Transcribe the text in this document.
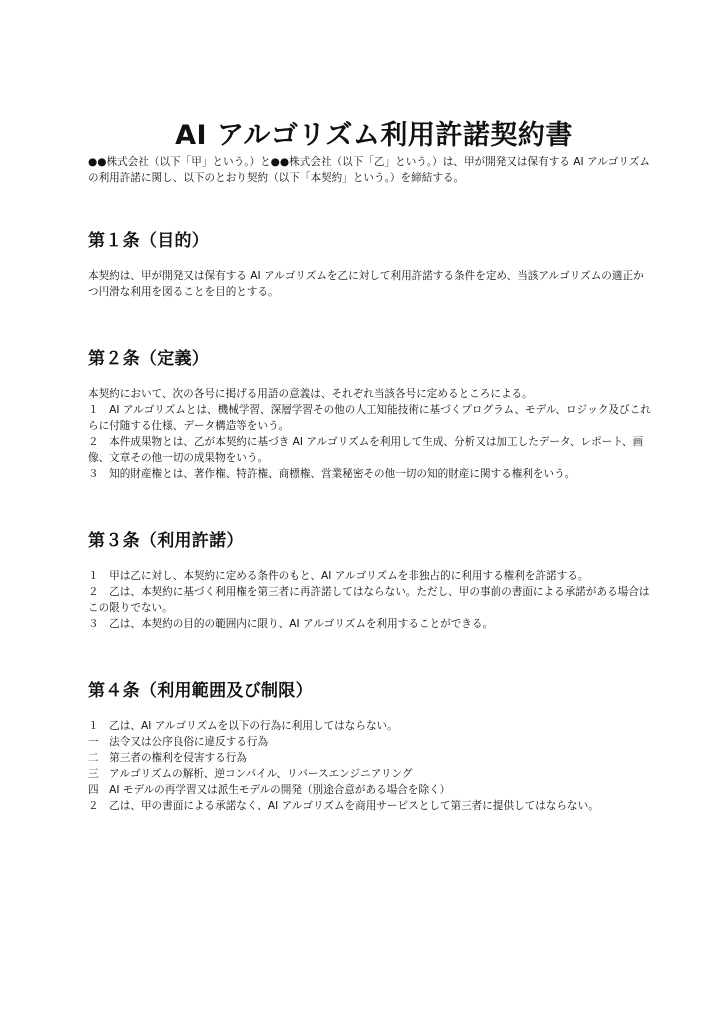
AI アルゴリズム利用許諾契約書

●●株式会社（以下「甲」という。）と●●株式会社（以下「乙」という。）は、甲が開発又は保有する AI アルゴリズムの利用許諾に関し、以下のとおり契約（以下「本契約」という。）を締結する。

第１条（目的）

本契約は、甲が開発又は保有する AI アルゴリズムを乙に対して利用許諾する条件を定め、当該アルゴリズムの適正かつ円滑な利用を図ることを目的とする。

第２条（定義）

本契約において、次の各号に掲げる用語の意義は、それぞれ当該各号に定めるところによる。

１　AI アルゴリズムとは、機械学習、深層学習その他の人工知能技術に基づくプログラム、モデル、ロジック及びこれらに付随する仕様、データ構造等をいう。

２　本件成果物とは、乙が本契約に基づき AI アルゴリズムを利用して生成、分析又は加工したデータ、レポート、画像、文章その他一切の成果物をいう。

３　知的財産権とは、著作権、特許権、商標権、営業秘密その他一切の知的財産に関する権利をいう。

第３条（利用許諾）

１　甲は乙に対し、本契約に定める条件のもと、AI アルゴリズムを非独占的に利用する権利を許諾する。

２　乙は、本契約に基づく利用権を第三者に再許諾してはならない。ただし、甲の事前の書面による承諾がある場合はこの限りでない。

３　乙は、本契約の目的の範囲内に限り、AI アルゴリズムを利用することができる。

第４条（利用範囲及び制限）

１　乙は、AI アルゴリズムを以下の行為に利用してはならない。

一　法令又は公序良俗に違反する行為

二　第三者の権利を侵害する行為

三　アルゴリズムの解析、逆コンパイル、リバースエンジニアリング

四　AI モデルの再学習又は派生モデルの開発（別途合意がある場合を除く）

２　乙は、甲の書面による承諾なく、AI アルゴリズムを商用サービスとして第三者に提供してはならない。
